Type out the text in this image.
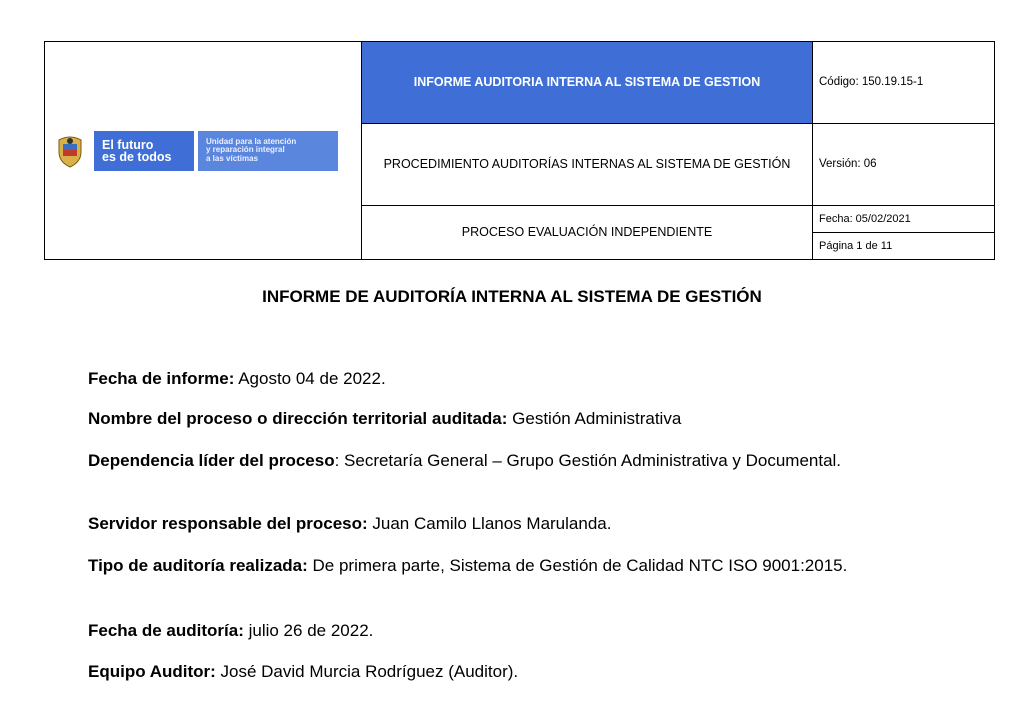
El futuro
es de todos
Unidad para la atención
y reparación integral
a las víctimas	INFORME AUDITORIA INTERNA AL SISTEMA DE GESTION	Código: 150.19.15-1
	PROCEDIMIENTO AUDITORÍAS INTERNAS AL SISTEMA DE GESTIÓN	Versión: 06
	PROCESO EVALUACIÓN INDEPENDIENTE	Fecha: 05/02/2021
		Página 1 de 11
INFORME DE AUDITORÍA INTERNA AL SISTEMA DE GESTIÓN
Fecha de informe: Agosto 04 de 2022.
Nombre del proceso o dirección territorial auditada: Gestión Administrativa
Dependencia líder del proceso: Secretaría General – Grupo Gestión Administrativa y Documental.
Servidor responsable del proceso: Juan Camilo Llanos Marulanda.
Tipo de auditoría realizada: De primera parte, Sistema de Gestión de Calidad NTC ISO 9001:2015.
Fecha de auditoría: julio 26 de 2022.
Equipo Auditor: José David Murcia Rodríguez (Auditor).
